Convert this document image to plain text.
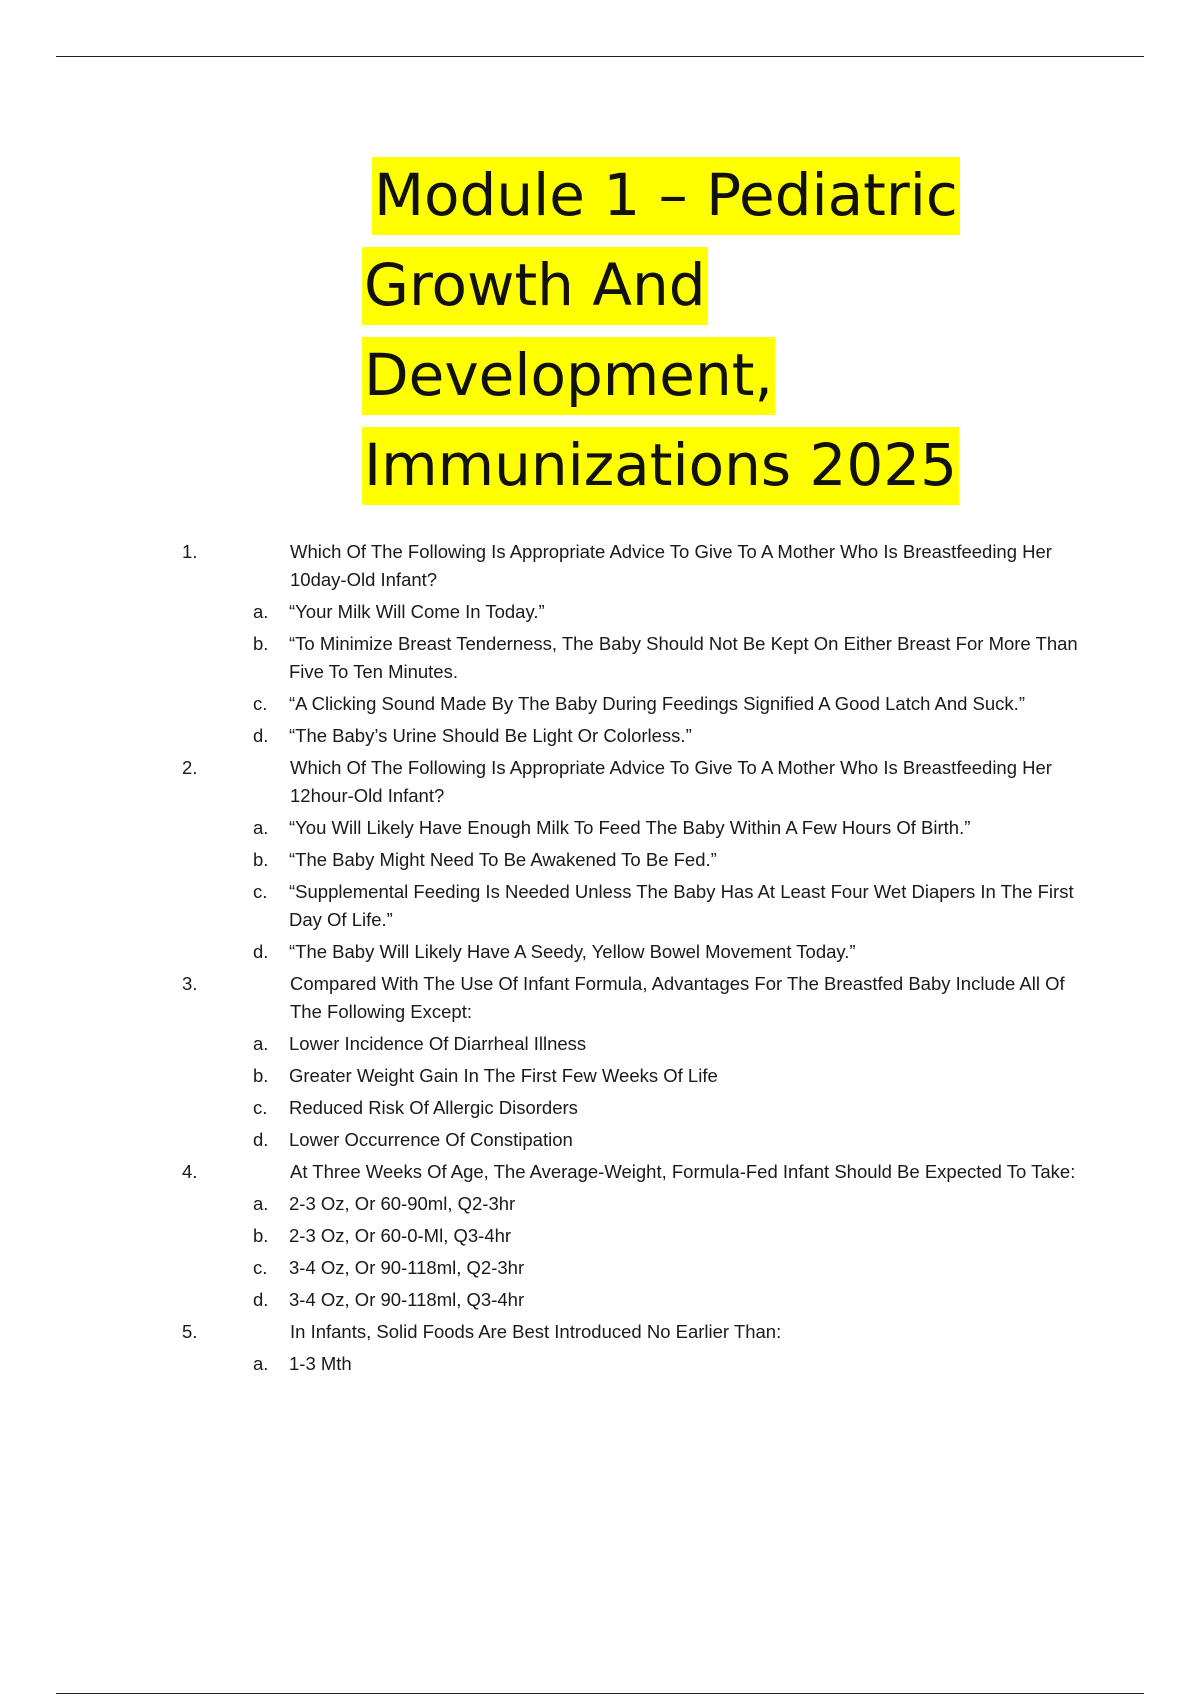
Module 1 – Pediatric
Growth And
Development,
Immunizations 2025
1.	Which Of The Following Is Appropriate Advice To Give To A Mother Who Is Breastfeeding Her 10day-Old Infant?
a. “Your Milk Will Come In Today.”
b. “To Minimize Breast Tenderness, The Baby Should Not Be Kept On Either Breast For More Than Five To Ten Minutes.
c. “A Clicking Sound Made By The Baby During Feedings Signified A Good Latch And Suck.”
d. “The Baby’s Urine Should Be Light Or Colorless.”
2.	Which Of The Following Is Appropriate Advice To Give To A Mother Who Is Breastfeeding Her 12hour-Old Infant?
a. “You Will Likely Have Enough Milk To Feed The Baby Within A Few Hours Of Birth.”
b. “The Baby Might Need To Be Awakened To Be Fed.”
c. “Supplemental Feeding Is Needed Unless The Baby Has At Least Four Wet Diapers In The First Day Of Life.”
d. “The Baby Will Likely Have A Seedy, Yellow Bowel Movement Today.”
3.	Compared With The Use Of Infant Formula, Advantages For The Breastfed Baby Include All Of The Following Except:
a. Lower Incidence Of Diarrheal Illness
b. Greater Weight Gain In The First Few Weeks Of Life
c. Reduced Risk Of Allergic Disorders
d. Lower Occurrence Of Constipation
4.	At Three Weeks Of Age, The Average-Weight, Formula-Fed Infant Should Be Expected To Take:
a. 2-3 Oz, Or 60-90ml, Q2-3hr
b. 2-3 Oz, Or 60-0-Ml, Q3-4hr
c. 3-4 Oz, Or 90-118ml, Q2-3hr
d. 3-4 Oz, Or 90-118ml, Q3-4hr
5.	In Infants, Solid Foods Are Best Introduced No Earlier Than:
a. 1-3 Mth
